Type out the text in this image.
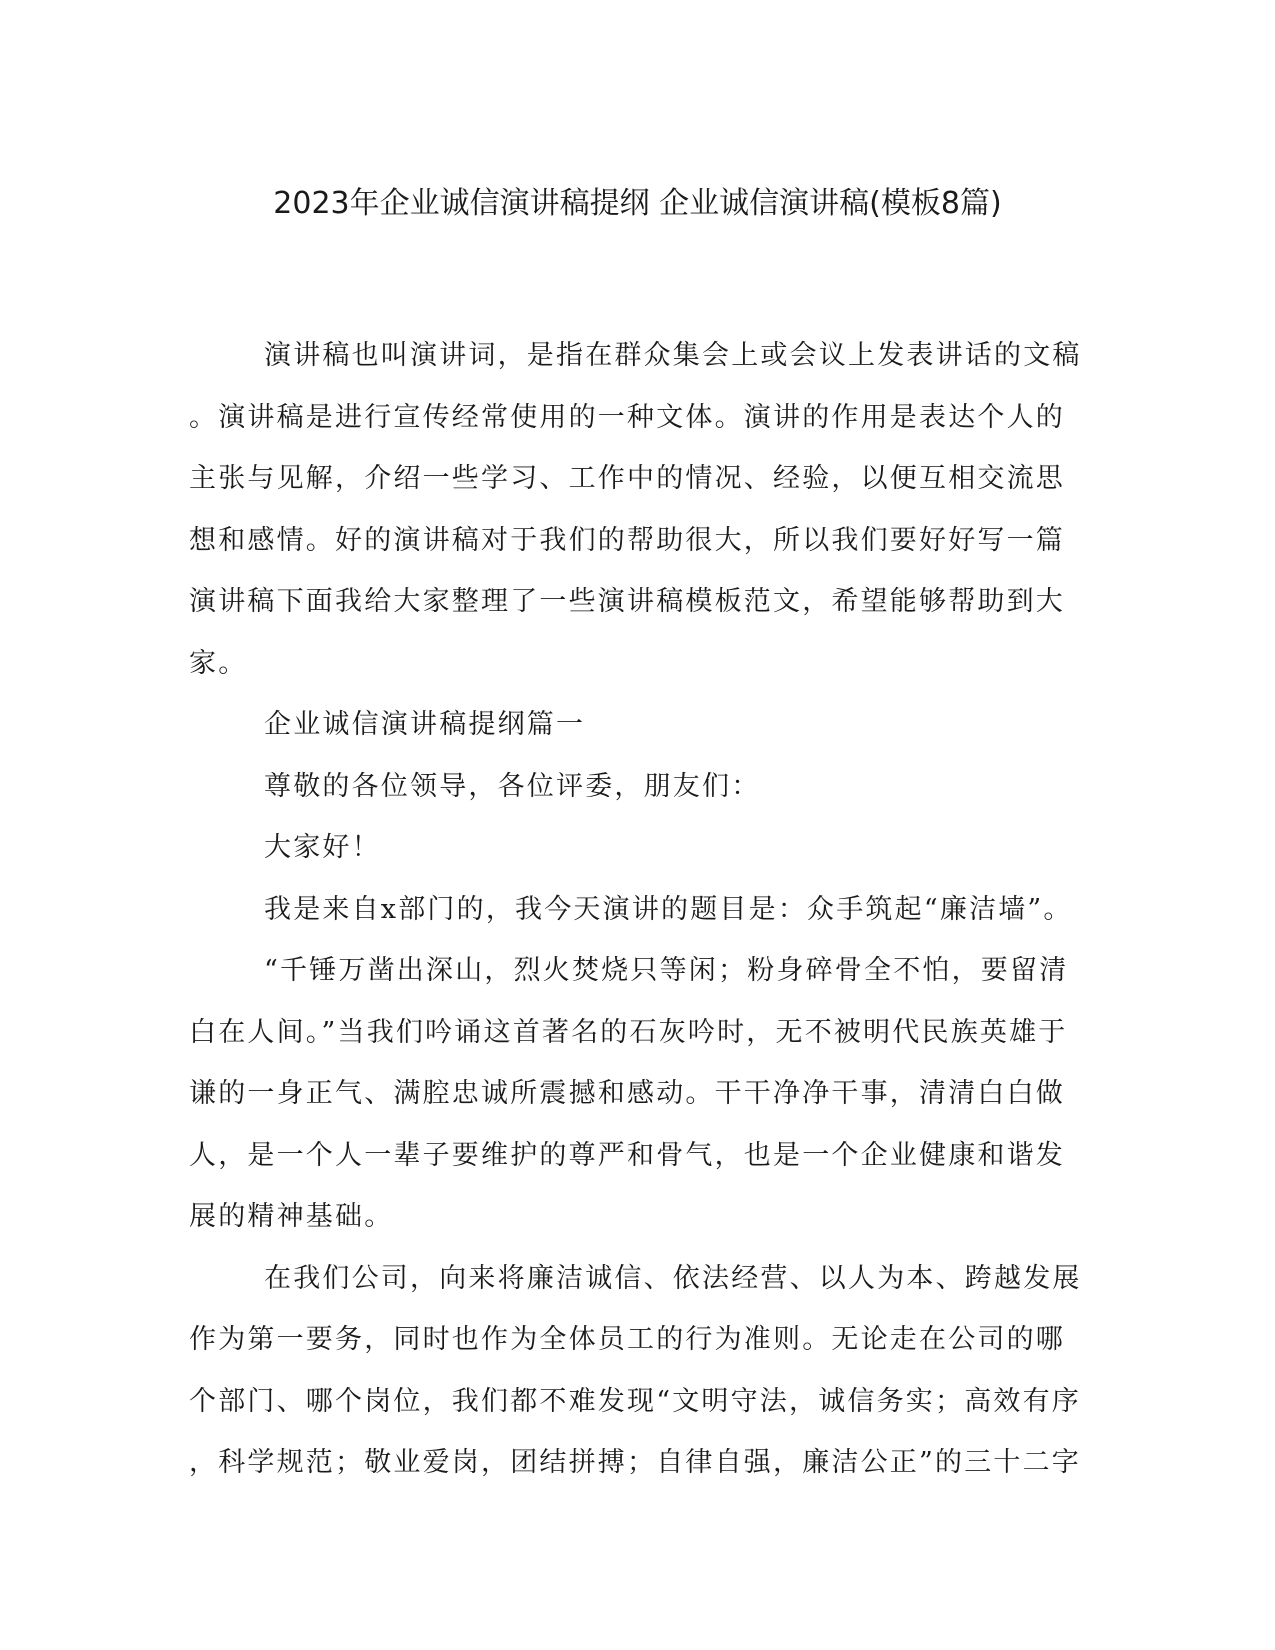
2023年企业诚信演讲稿提纲 企业诚信演讲稿(模板8篇)
演讲稿也叫演讲词，是指在群众集会上或会议上发表讲话的文稿
。演讲稿是进行宣传经常使用的一种文体。演讲的作用是表达个人的
主张与见解，介绍一些学习、工作中的情况、经验，以便互相交流思
想和感情。好的演讲稿对于我们的帮助很大，所以我们要好好写一篇
演讲稿下面我给大家整理了一些演讲稿模板范文，希望能够帮助到大
家。
企业诚信演讲稿提纲篇一
尊敬的各位领导，各位评委，朋友们：
大家好！
我是来自x部门的，我今天演讲的题目是：众手筑起“廉洁墙”。
“千锤万凿出深山，烈火焚烧只等闲；粉身碎骨全不怕，要留清
白在人间。”当我们吟诵这首著名的石灰吟时，无不被明代民族英雄于
谦的一身正气、满腔忠诚所震撼和感动。干干净净干事，清清白白做
人，是一个人一辈子要维护的尊严和骨气，也是一个企业健康和谐发
展的精神基础。
在我们公司，向来将廉洁诚信、依法经营、以人为本、跨越发展
作为第一要务，同时也作为全体员工的行为准则。无论走在公司的哪
个部门、哪个岗位，我们都不难发现“文明守法，诚信务实；高效有序
，科学规范；敬业爱岗，团结拼搏；自律自强，廉洁公正”的三十二字
